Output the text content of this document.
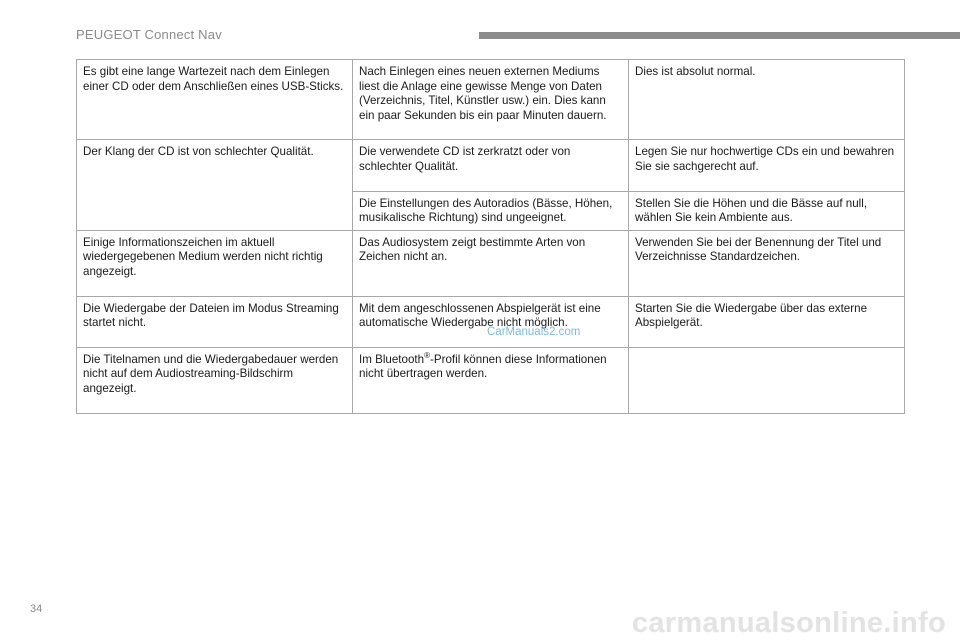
PEUGEOT Connect Nav
Es gibt eine lange Wartezeit nach dem Einlegen einer CD oder dem Anschließen eines USB-Sticks.	Nach Einlegen eines neuen externen Mediums liest die Anlage eine gewisse Menge von Daten (Verzeichnis, Titel, Künstler usw.) ein. Dies kann ein paar Sekunden bis ein paar Minuten dauern.	Dies ist absolut normal.

Der Klang der CD ist von schlechter Qualität.	Die verwendete CD ist zerkratzt oder von schlechter Qualität.	Legen Sie nur hochwertige CDs ein und bewahren Sie sie sachgerecht auf.

	Die Einstellungen des Autoradios (Bässe, Höhen, musikalische Richtung) sind ungeeignet.	Stellen Sie die Höhen und die Bässe auf null, wählen Sie kein Ambiente aus.

Einige Informationszeichen im aktuell wiedergegebenen Medium werden nicht richtig angezeigt.	Das Audiosystem zeigt bestimmte Arten von Zeichen nicht an.	Verwenden Sie bei der Benennung der Titel und Verzeichnisse Standardzeichen.

Die Wiedergabe der Dateien im Modus Streaming startet nicht.	Mit dem angeschlossenen Abspielgerät ist eine automatische Wiedergabe nicht möglich.	Starten Sie die Wiedergabe über das externe Abspielgerät.

Die Titelnamen und die Wiedergabedauer werden nicht auf dem Audiostreaming-Bildschirm angezeigt.	Im Bluetooth®-Profil können diese Informationen nicht übertragen werden.	

CarManuals2.com
34	carmanualsonline.info
